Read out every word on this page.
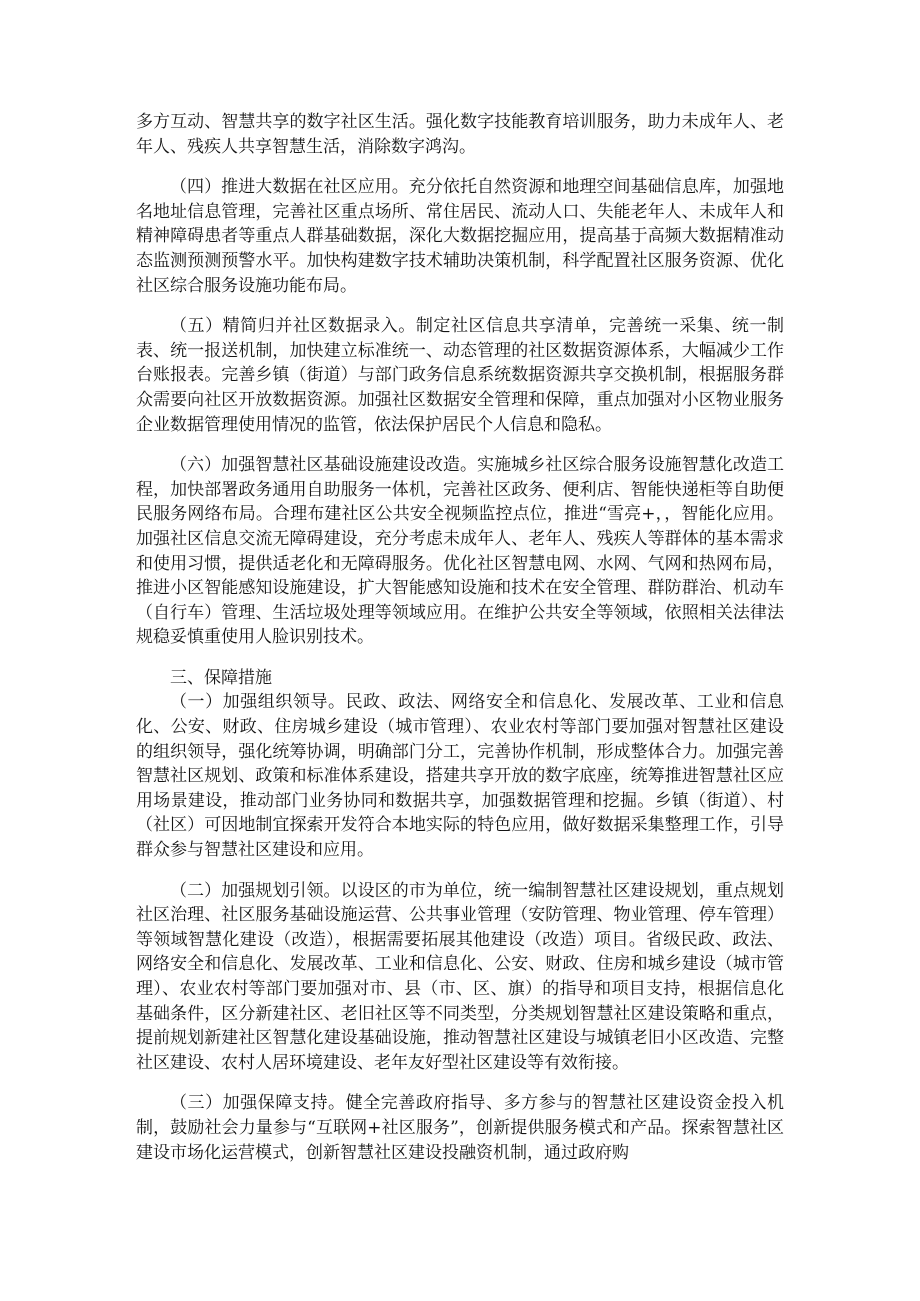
多方互动、智慧共享的数字社区生活。强化数字技能教育培训服务，助力未成年人、老年人、残疾人共享智慧生活，消除数字鸿沟。

（四）推进大数据在社区应用。充分依托自然资源和地理空间基础信息库，加强地名地址信息管理，完善社区重点场所、常住居民、流动人口、失能老年人、未成年人和精神障碍患者等重点人群基础数据，深化大数据挖掘应用，提高基于高频大数据精准动态监测预测预警水平。加快构建数字技术辅助决策机制，科学配置社区服务资源、优化社区综合服务设施功能布局。

（五）精简归并社区数据录入。制定社区信息共享清单，完善统一采集、统一制表、统一报送机制，加快建立标准统一、动态管理的社区数据资源体系，大幅减少工作台账报表。完善乡镇（街道）与部门政务信息系统数据资源共享交换机制，根据服务群众需要向社区开放数据资源。加强社区数据安全管理和保障，重点加强对小区物业服务企业数据管理使用情况的监管，依法保护居民个人信息和隐私。

（六）加强智慧社区基础设施建设改造。实施城乡社区综合服务设施智慧化改造工程，加快部署政务通用自助服务一体机，完善社区政务、便利店、智能快递柜等自助便民服务网络布局。合理布建社区公共安全视频监控点位，推进“雪亮+，，智能化应用。加强社区信息交流无障碍建设，充分考虑未成年人、老年人、残疾人等群体的基本需求和使用习惯，提供适老化和无障碍服务。优化社区智慧电网、水网、气网和热网布局，推进小区智能感知设施建设，扩大智能感知设施和技术在安全管理、群防群治、机动车（自行车）管理、生活垃圾处理等领域应用。在维护公共安全等领域，依照相关法律法规稳妥慎重使用人脸识别技术。

三、保障措施

（一）加强组织领导。民政、政法、网络安全和信息化、发展改革、工业和信息化、公安、财政、住房城乡建设（城市管理）、农业农村等部门要加强对智慧社区建设的组织领导，强化统筹协调，明确部门分工，完善协作机制，形成整体合力。加强完善智慧社区规划、政策和标准体系建设，搭建共享开放的数字底座，统筹推进智慧社区应用场景建设，推动部门业务协同和数据共享，加强数据管理和挖掘。乡镇（街道）、村（社区）可因地制宜探索开发符合本地实际的特色应用，做好数据采集整理工作，引导群众参与智慧社区建设和应用。

（二）加强规划引领。以设区的市为单位，统一编制智慧社区建设规划，重点规划社区治理、社区服务基础设施运营、公共事业管理（安防管理、物业管理、停车管理）等领域智慧化建设（改造），根据需要拓展其他建设（改造）项目。省级民政、政法、网络安全和信息化、发展改革、工业和信息化、公安、财政、住房和城乡建设（城市管理）、农业农村等部门要加强对市、县（市、区、旗）的指导和项目支持，根据信息化基础条件，区分新建社区、老旧社区等不同类型，分类规划智慧社区建设策略和重点，提前规划新建社区智慧化建设基础设施，推动智慧社区建设与城镇老旧小区改造、完整社区建设、农村人居环境建设、老年友好型社区建设等有效衔接。

（三）加强保障支持。健全完善政府指导、多方参与的智慧社区建设资金投入机制，鼓励社会力量参与“互联网+社区服务”，创新提供服务模式和产品。探索智慧社区建设市场化运营模式，创新智慧社区建设投融资机制，通过政府购
